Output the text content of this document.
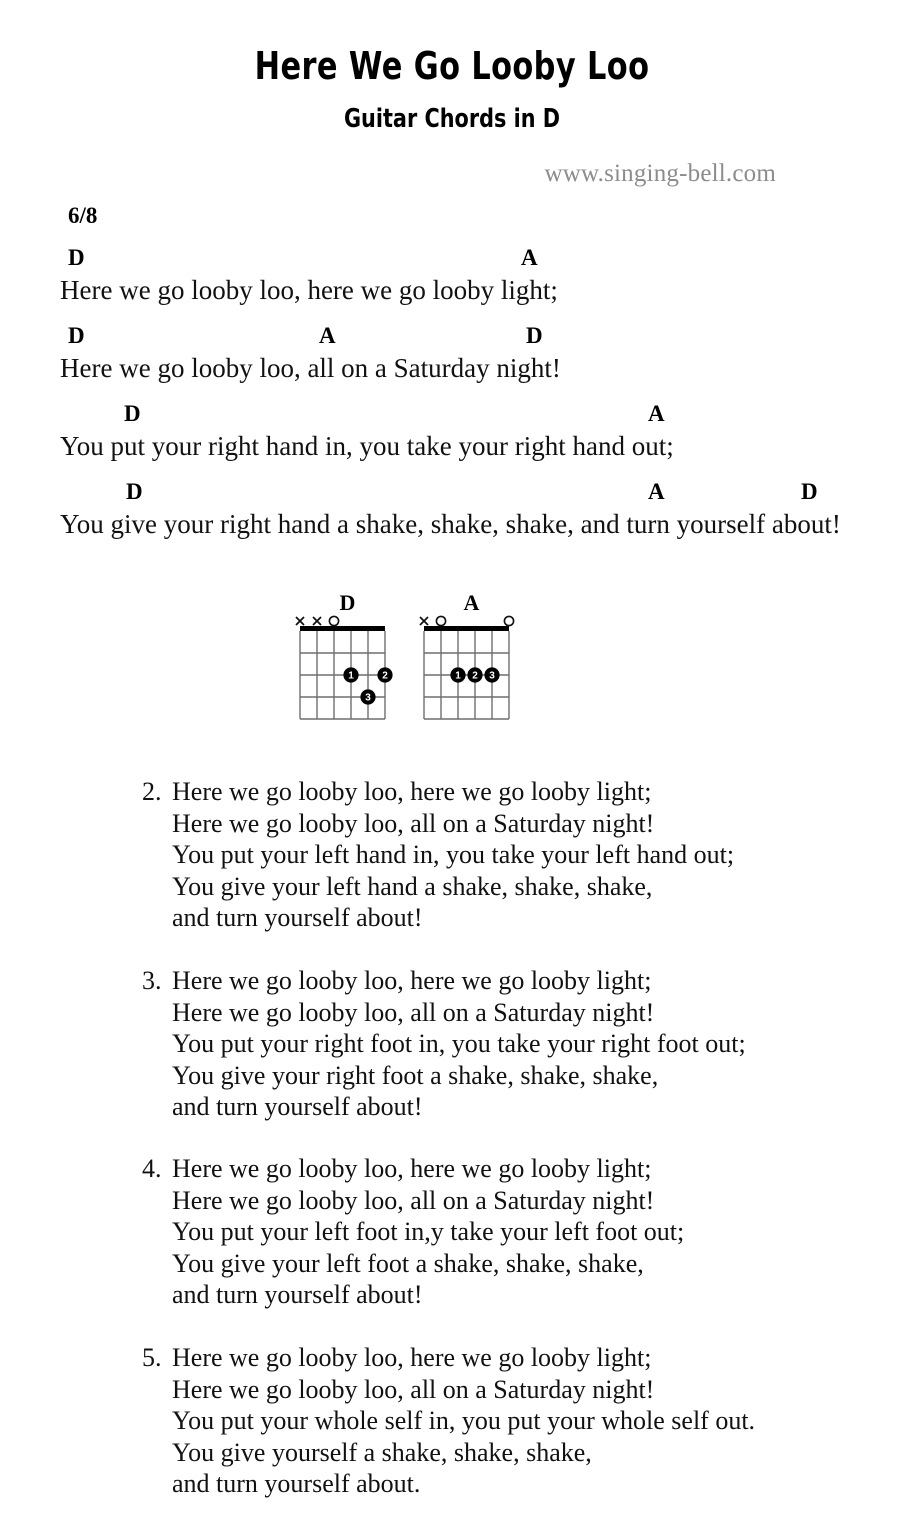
Here We Go Looby Loo
Guitar Chords in D
www.singing-bell.com
6/8
D	A
Here we go looby loo, here we go looby light;
D	A	D
Here we go looby loo, all on a Saturday night!
D	A
You put your right hand in, you take your right hand out;
D	A	D
You give your right hand a shake, shake, shake, and turn yourself about!
D
1	2
3
A
1 2 3
2. Here we go looby loo, here we go looby light;
Here we go looby loo, all on a Saturday night!
You put your left hand in, you take your left hand out;
You give your left hand a shake, shake, shake,
and turn yourself about!
3. Here we go looby loo, here we go looby light;
Here we go looby loo, all on a Saturday night!
You put your right foot in, you take your right foot out;
You give your right foot a shake, shake, shake,
and turn yourself about!
4. Here we go looby loo, here we go looby light;
Here we go looby loo, all on a Saturday night!
You put your left foot in,y take your left foot out;
You give your left foot a shake, shake, shake,
and turn yourself about!
5. Here we go looby loo, here we go looby light;
Here we go looby loo, all on a Saturday night!
You put your whole self in, you put your whole self out.
You give yourself a shake, shake, shake,
and turn yourself about.
